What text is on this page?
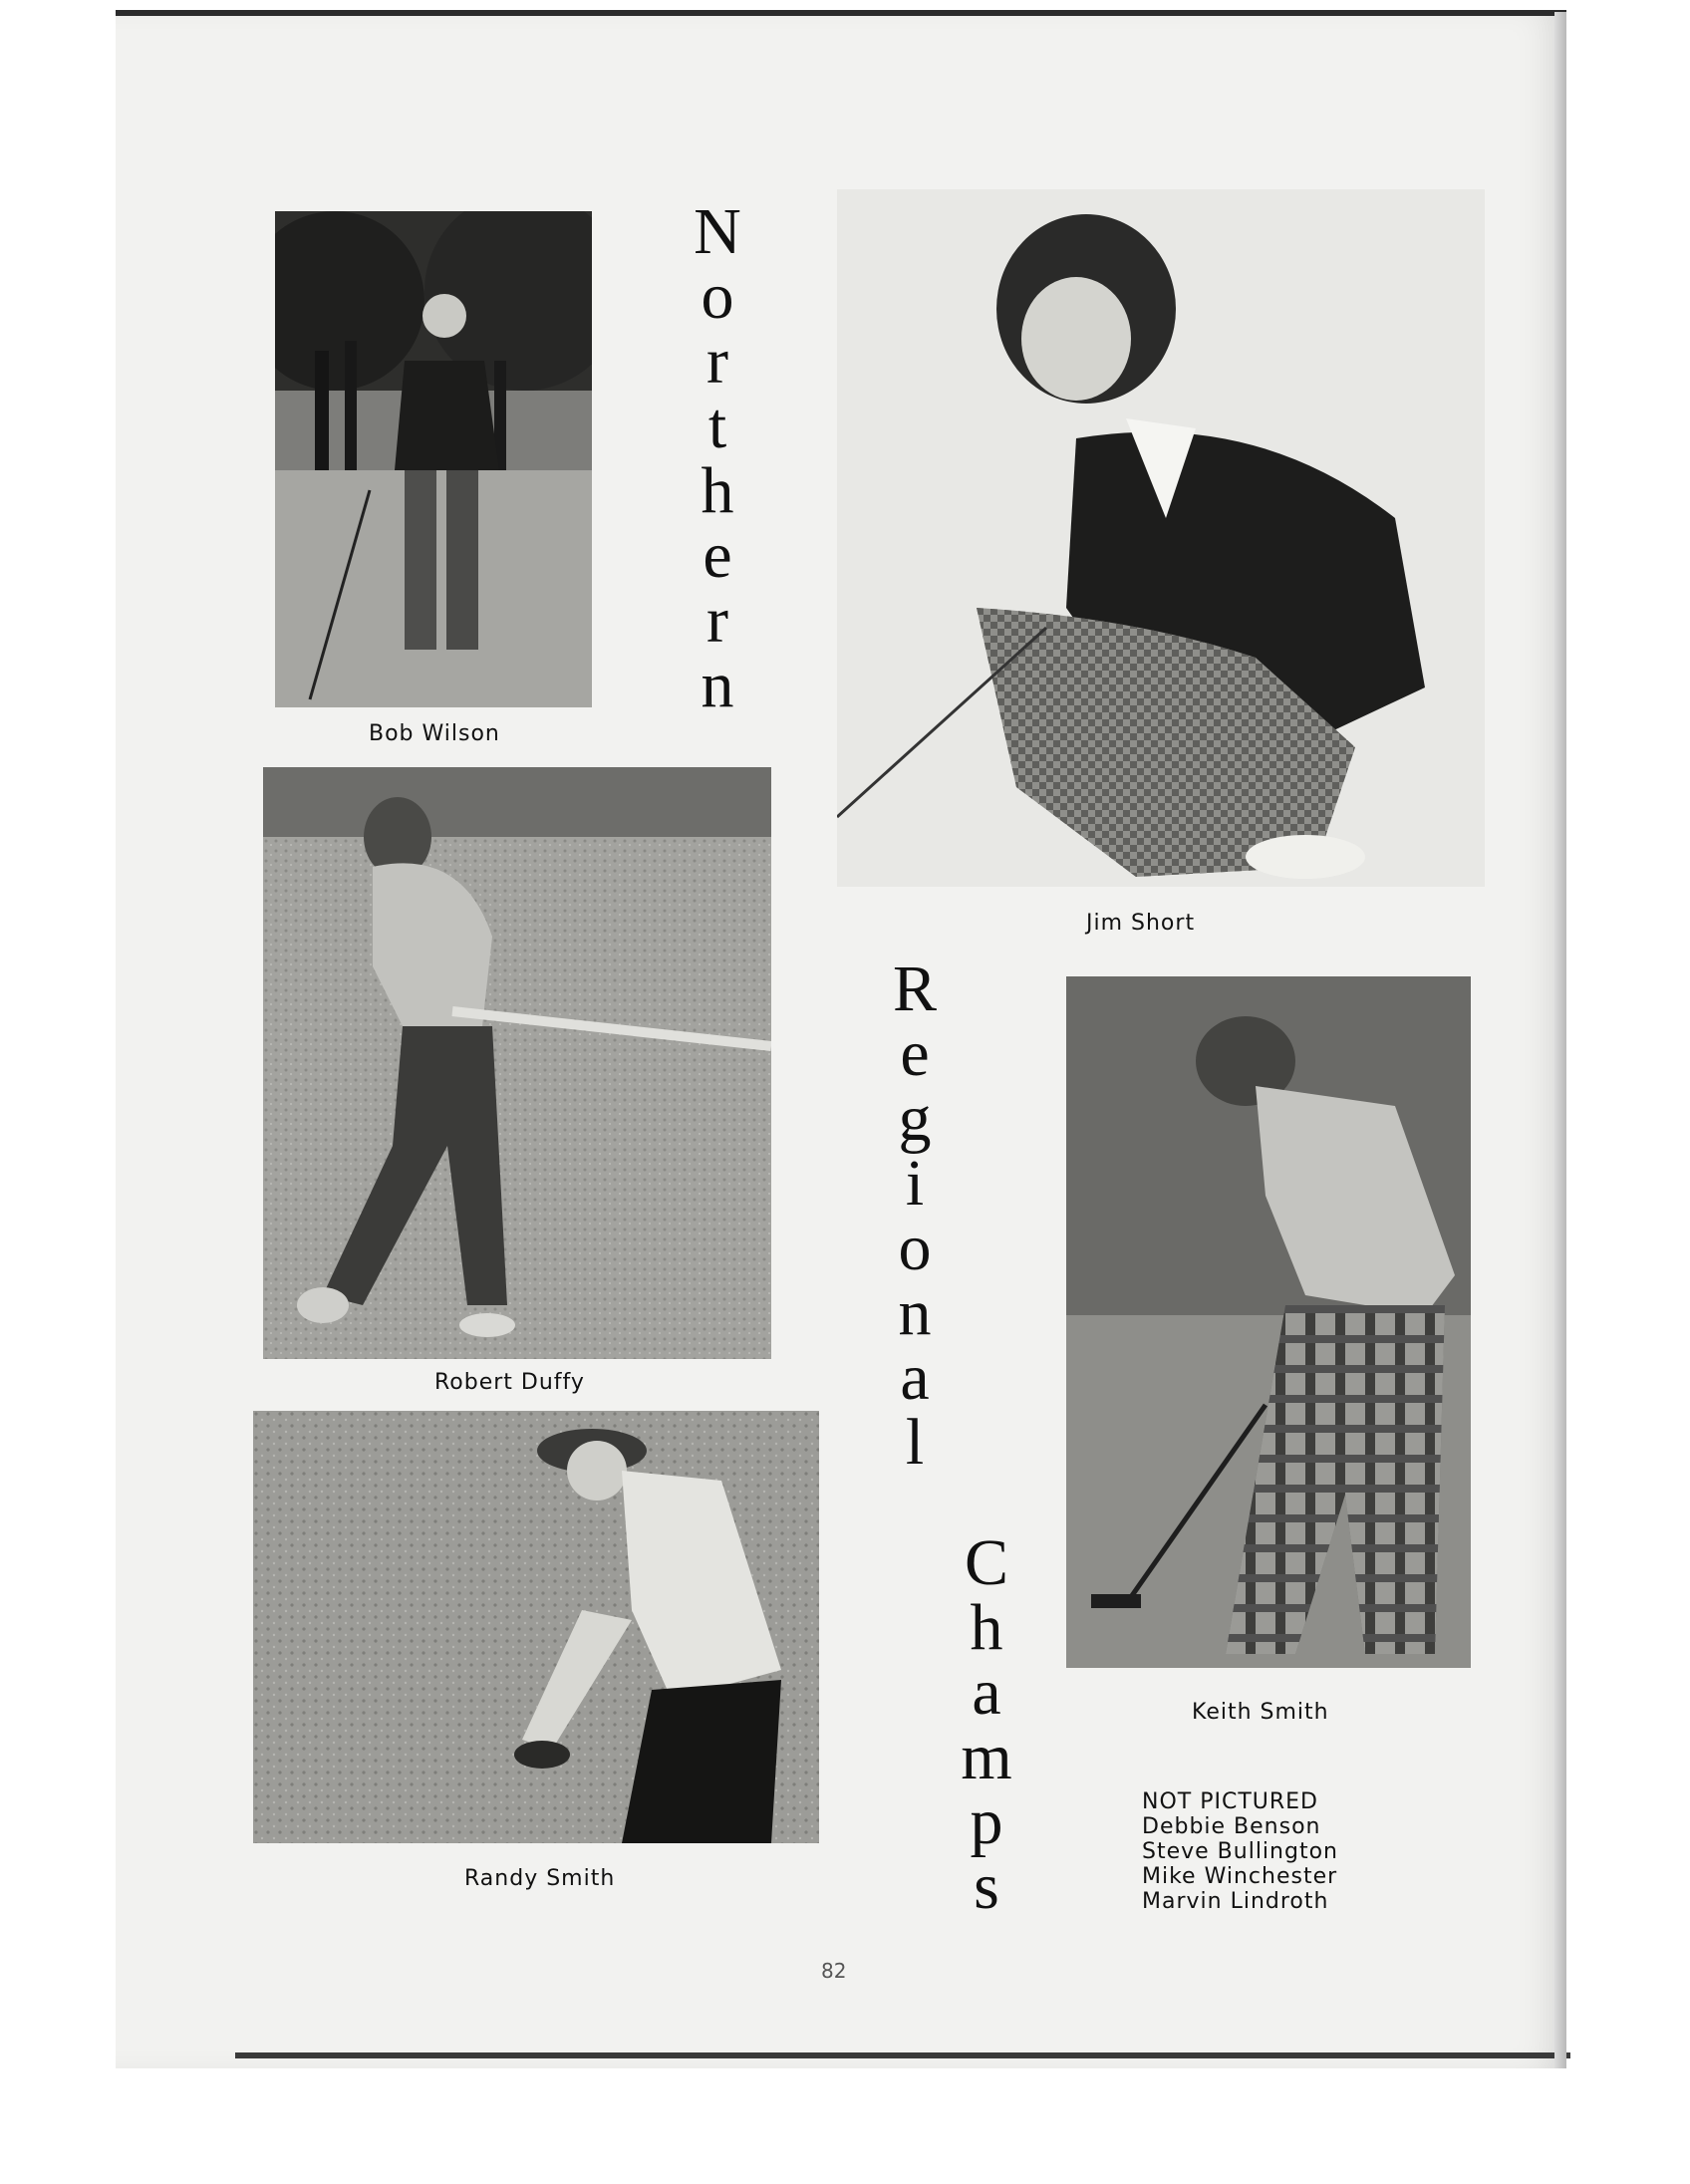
Bob Wilson
N
o
r
t
h
e
r
n
Jim Short
Robert Duffy
R
e
g
i
o
n
a
l
Keith Smith
Randy Smith
C
h
a
m
p
s
NOT PICTURED
Debbie Benson
Steve Bullington
Mike Winchester
Marvin Lindroth
82
